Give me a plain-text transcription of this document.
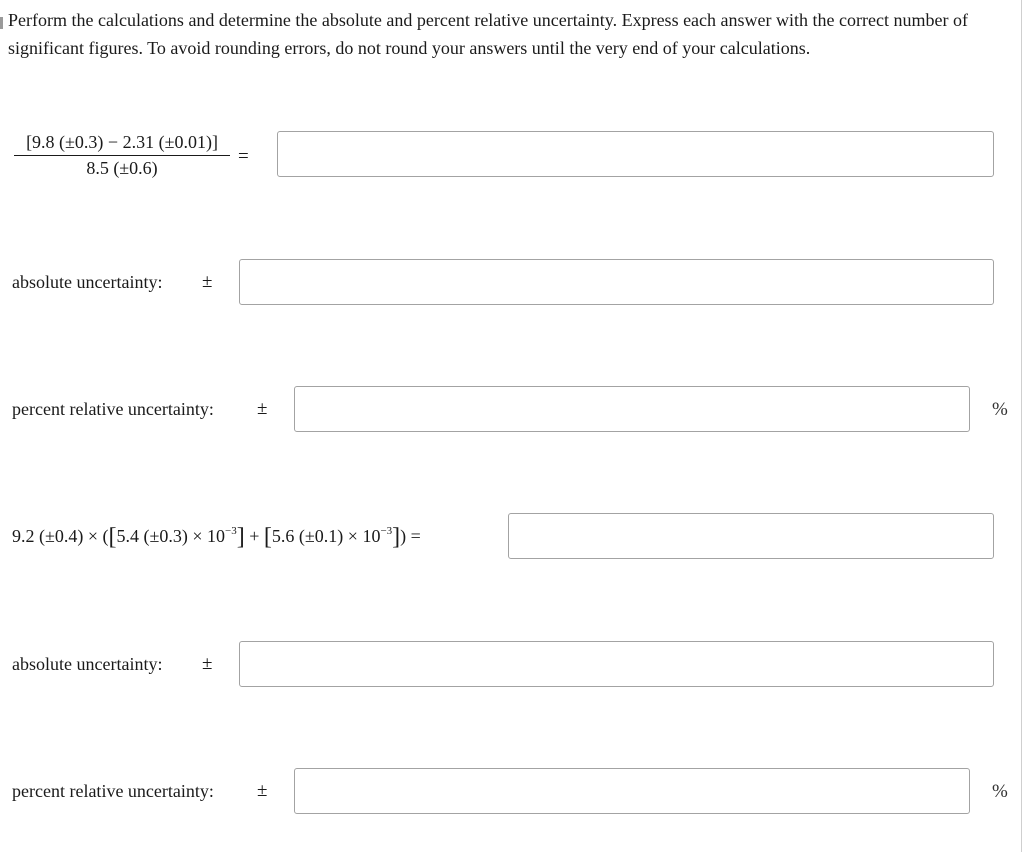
Perform the calculations and determine the absolute and percent relative uncertainty. Express each answer with the correct number of significant figures. To avoid rounding errors, do not round your answers until the very end of your calculations.
[9.8 (±0.3) − 2.31 (±0.01)]
8.5 (±0.6)
=
absolute uncertainty: ±
percent relative uncertainty: ±	%
9.2 (±0.4) × ([5.4 $(\pm 0.3) \times 10^{-3}] + [5.6$ $(\pm 0.1) \times 10^{-3}$]) =
absolute uncertainty: ±
percent relative uncertainty: ±	%
